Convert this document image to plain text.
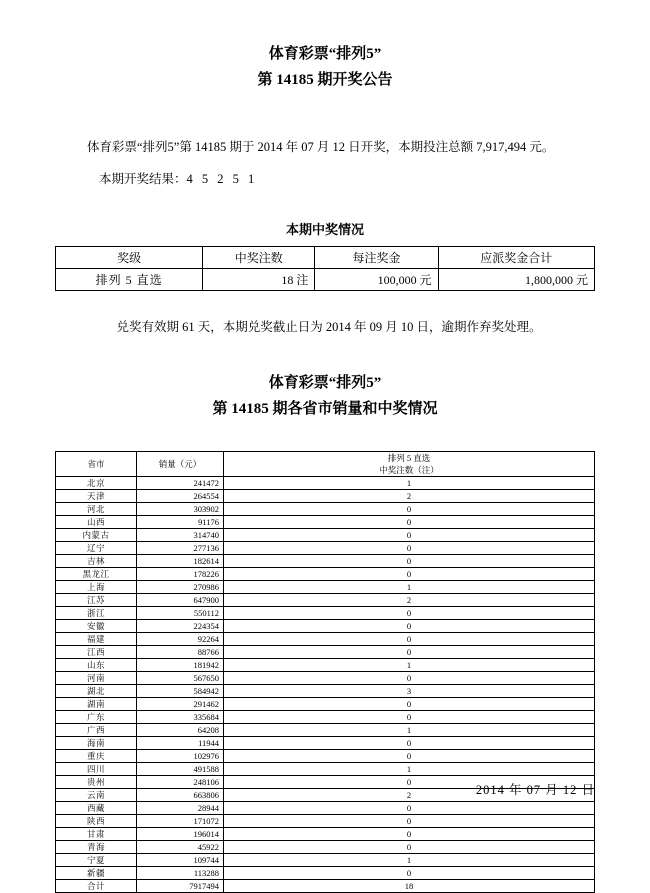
体育彩票“排列5”
第 14185 期开奖公告
体育彩票“排列5”第 14185 期于 2014 年 07 月 12 日开奖，本期投注总额 7,917,494 元。
本期开奖结果：4 5 2 5 1
本期中奖情况
奖级	中奖注数	每注奖金	应派奖金合计
排列 5 直选	18 注	100,000 元	1,800,000 元
兑奖有效期 61 天，本期兑奖截止日为 2014 年 09 月 10 日，逾期作弃奖处理。
体育彩票“排列5”
第 14185 期各省市销量和中奖情况
省市	销量（元）	排列 5 直选
中奖注数（注）

北京	241472	1
天津	264554	2
河北	303902	0
山西	91176	0
内蒙古	314740	0
辽宁	277136	0
吉林	182614	0
黑龙江	178226	0
上海	270986	1
江苏	647900	2
浙江	550112	0
安徽	224354	0
福建	92264	0
江西	88766	0
山东	181942	1
河南	567650	0
湖北	584942	3
湖南	291462	0
广东	335684	0
广西	64208	1
海南	11944	0
重庆	102976	0
四川	491588	1
贵州	248106	0
云南	663806	2
西藏	28944	0
陕西	171072	0
甘肃	196014	0
青海	45922	0
宁夏	109744	1
新疆	113288	0
合计	7917494	18
2014 年 07 月 12 日
